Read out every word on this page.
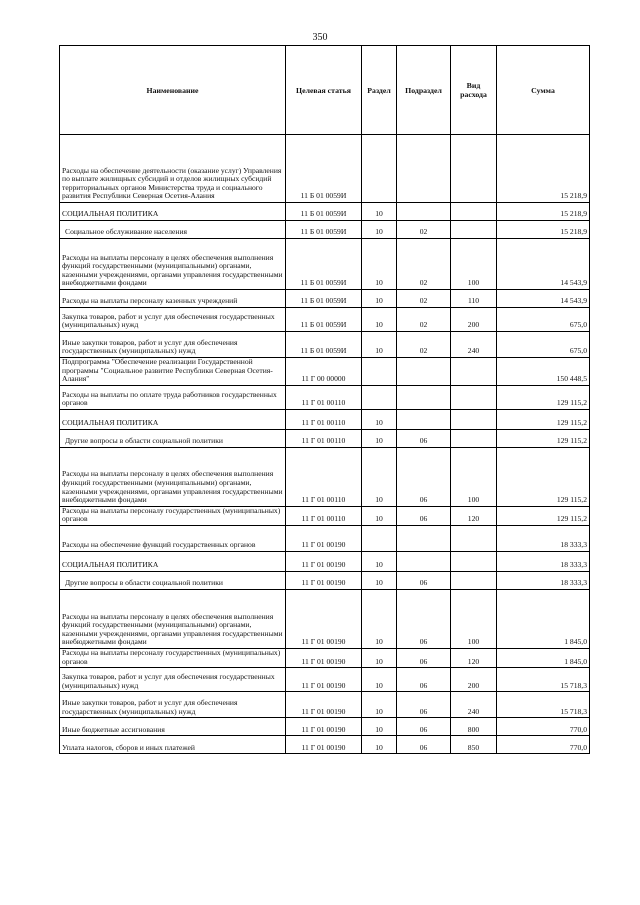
350
Наименование	Целевая статья	Раздел	Подраздел	Вид расхода	Сумма
Расходы на обеспечение деятельности (оказание услуг) Управления по выплате жилищных субсидий и отделов жилищных субсидий территориальных органов Министерства труда и социального развития Республики Северная Осетия-Алания	11 Б 01 0059И				15 218,9
СОЦИАЛЬНАЯ ПОЛИТИКА	11 Б 01 0059И	10			15 218,9
Социальное обслуживание населения	11 Б 01 0059И	10	02		15 218,9
Расходы на выплаты персоналу в целях обеспечения выполнения функций государственными (муниципальными) органами, казенными учреждениями, органами управления государственными внебюджетными фондами	11 Б 01 0059И	10	02	100	14 543,9
Расходы на выплаты персоналу казенных учреждений	11 Б 01 0059И	10	02	110	14 543,9
Закупка товаров, работ и услуг для обеспечения государственных (муниципальных) нужд	11 Б 01 0059И	10	02	200	675,0
Иные закупки товаров, работ и услуг для обеспечения государственных (муниципальных) нужд	11 Б 01 0059И	10	02	240	675,0
Подпрограмма "Обеспечение реализации Государственной программы "Социальное развитие Республики Северная Осетия-Алания"	11 Г 00 00000				150 448,5
Расходы на выплаты по оплате труда работников государственных органов	11 Г 01 00110				129 115,2
СОЦИАЛЬНАЯ ПОЛИТИКА	11 Г 01 00110	10			129 115,2
Другие вопросы в области социальной политики	11 Г 01 00110	10	06		129 115,2
Расходы на выплаты персоналу в целях обеспечения выполнения функций государственными (муниципальными) органами, казенными учреждениями, органами управления государственными внебюджетными фондами	11 Г 01 00110	10	06	100	129 115,2
Расходы на выплаты персоналу государственных (муниципальных) органов	11 Г 01 00110	10	06	120	129 115,2
Расходы на обеспечение функций государственных органов	11 Г 01 00190				18 333,3
СОЦИАЛЬНАЯ ПОЛИТИКА	11 Г 01 00190	10			18 333,3
Другие вопросы в области социальной политики	11 Г 01 00190	10	06		18 333,3
Расходы на выплаты персоналу в целях обеспечения выполнения функций государственными (муниципальными) органами, казенными учреждениями, органами управления государственными внебюджетными фондами	11 Г 01 00190	10	06	100	1 845,0
Расходы на выплаты персоналу государственных (муниципальных) органов	11 Г 01 00190	10	06	120	1 845,0
Закупка товаров, работ и услуг для обеспечения государственных (муниципальных) нужд	11 Г 01 00190	10	06	200	15 718,3
Иные закупки товаров, работ и услуг для обеспечения государственных (муниципальных) нужд	11 Г 01 00190	10	06	240	15 718,3
Иные бюджетные ассигнования	11 Г 01 00190	10	06	800	770,0
Уплата налогов, сборов и иных платежей	11 Г 01 00190	10	06	850	770,0
